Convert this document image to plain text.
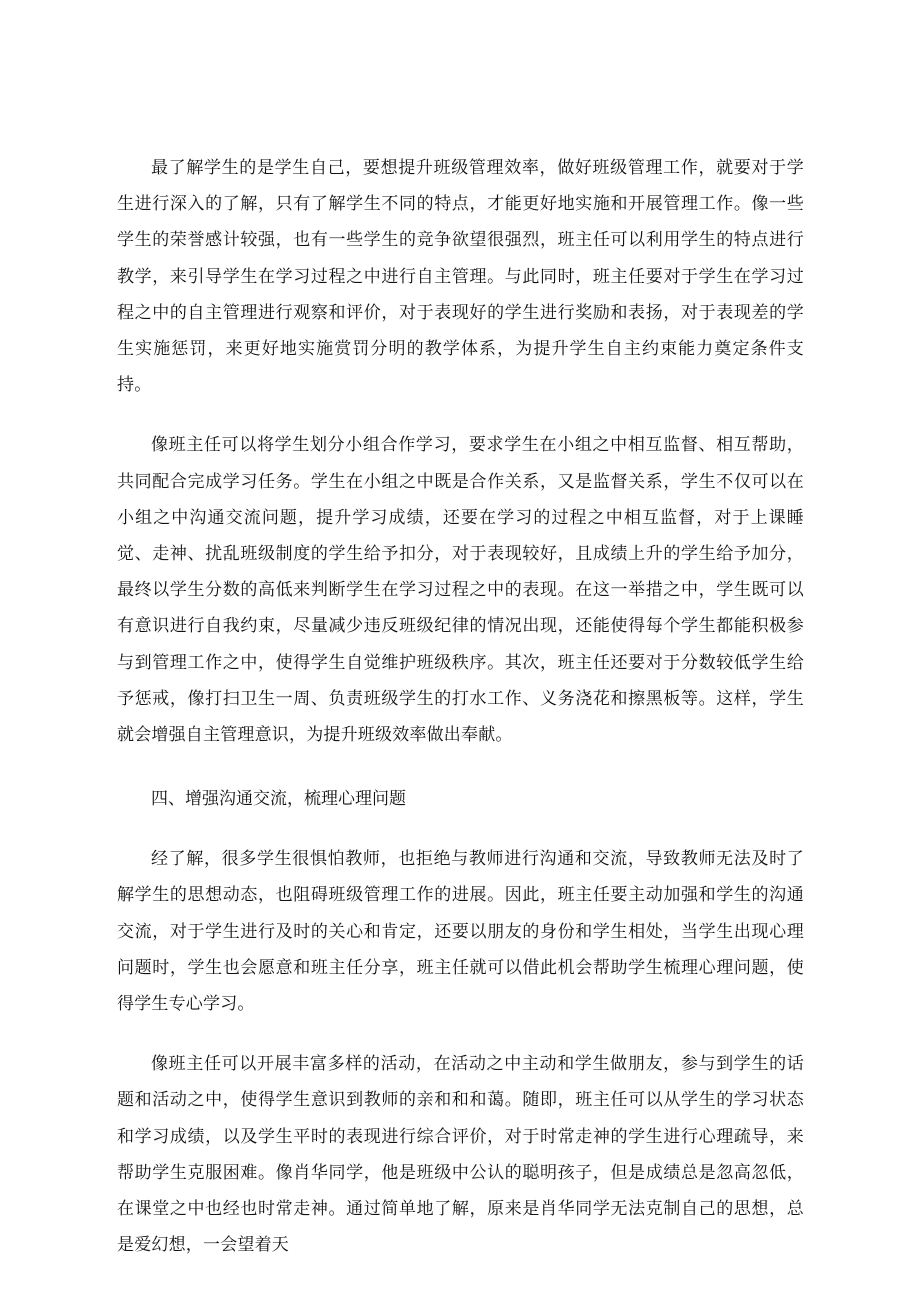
最了解学生的是学生自己，要想提升班级管理效率，做好班级管理工作，就要对于学生进行深入的了解，只有了解学生不同的特点，才能更好地实施和开展管理工作。像一些学生的荣誉感计较强，也有一些学生的竞争欲望很强烈，班主任可以利用学生的特点进行教学，来引导学生在学习过程之中进行自主管理。与此同时，班主任要对于学生在学习过程之中的自主管理进行观察和评价，对于表现好的学生进行奖励和表扬，对于表现差的学生实施惩罚，来更好地实施赏罚分明的教学体系，为提升学生自主约束能力奠定条件支持。

像班主任可以将学生划分小组合作学习，要求学生在小组之中相互监督、相互帮助，共同配合完成学习任务。学生在小组之中既是合作关系，又是监督关系，学生不仅可以在小组之中沟通交流问题，提升学习成绩，还要在学习的过程之中相互监督，对于上课睡觉、走神、扰乱班级制度的学生给予扣分，对于表现较好，且成绩上升的学生给予加分，最终以学生分数的高低来判断学生在学习过程之中的表现。在这一举措之中，学生既可以有意识进行自我约束，尽量减少违反班级纪律的情况出现，还能使得每个学生都能积极参与到管理工作之中，使得学生自觉维护班级秩序。其次，班主任还要对于分数较低学生给予惩戒，像打扫卫生一周、负责班级学生的打水工作、义务浇花和擦黑板等。这样，学生就会增强自主管理意识，为提升班级效率做出奉献。

四、增强沟通交流，梳理心理问题

经了解，很多学生很惧怕教师，也拒绝与教师进行沟通和交流，导致教师无法及时了解学生的思想动态，也阻碍班级管理工作的进展。因此，班主任要主动加强和学生的沟通交流，对于学生进行及时的关心和肯定，还要以朋友的身份和学生相处，当学生出现心理问题时，学生也会愿意和班主任分享，班主任就可以借此机会帮助学生梳理心理问题，使得学生专心学习。

像班主任可以开展丰富多样的活动，在活动之中主动和学生做朋友，参与到学生的话题和活动之中，使得学生意识到教师的亲和和和蔼。随即，班主任可以从学生的学习状态和学习成绩，以及学生平时的表现进行综合评价，对于时常走神的学生进行心理疏导，来帮助学生克服困难。像肖华同学，他是班级中公认的聪明孩子，但是成绩总是忽高忽低，在课堂之中也经也时常走神。通过简单地了解，原来是肖华同学无法克制自己的思想，总是爱幻想，一会望着天
